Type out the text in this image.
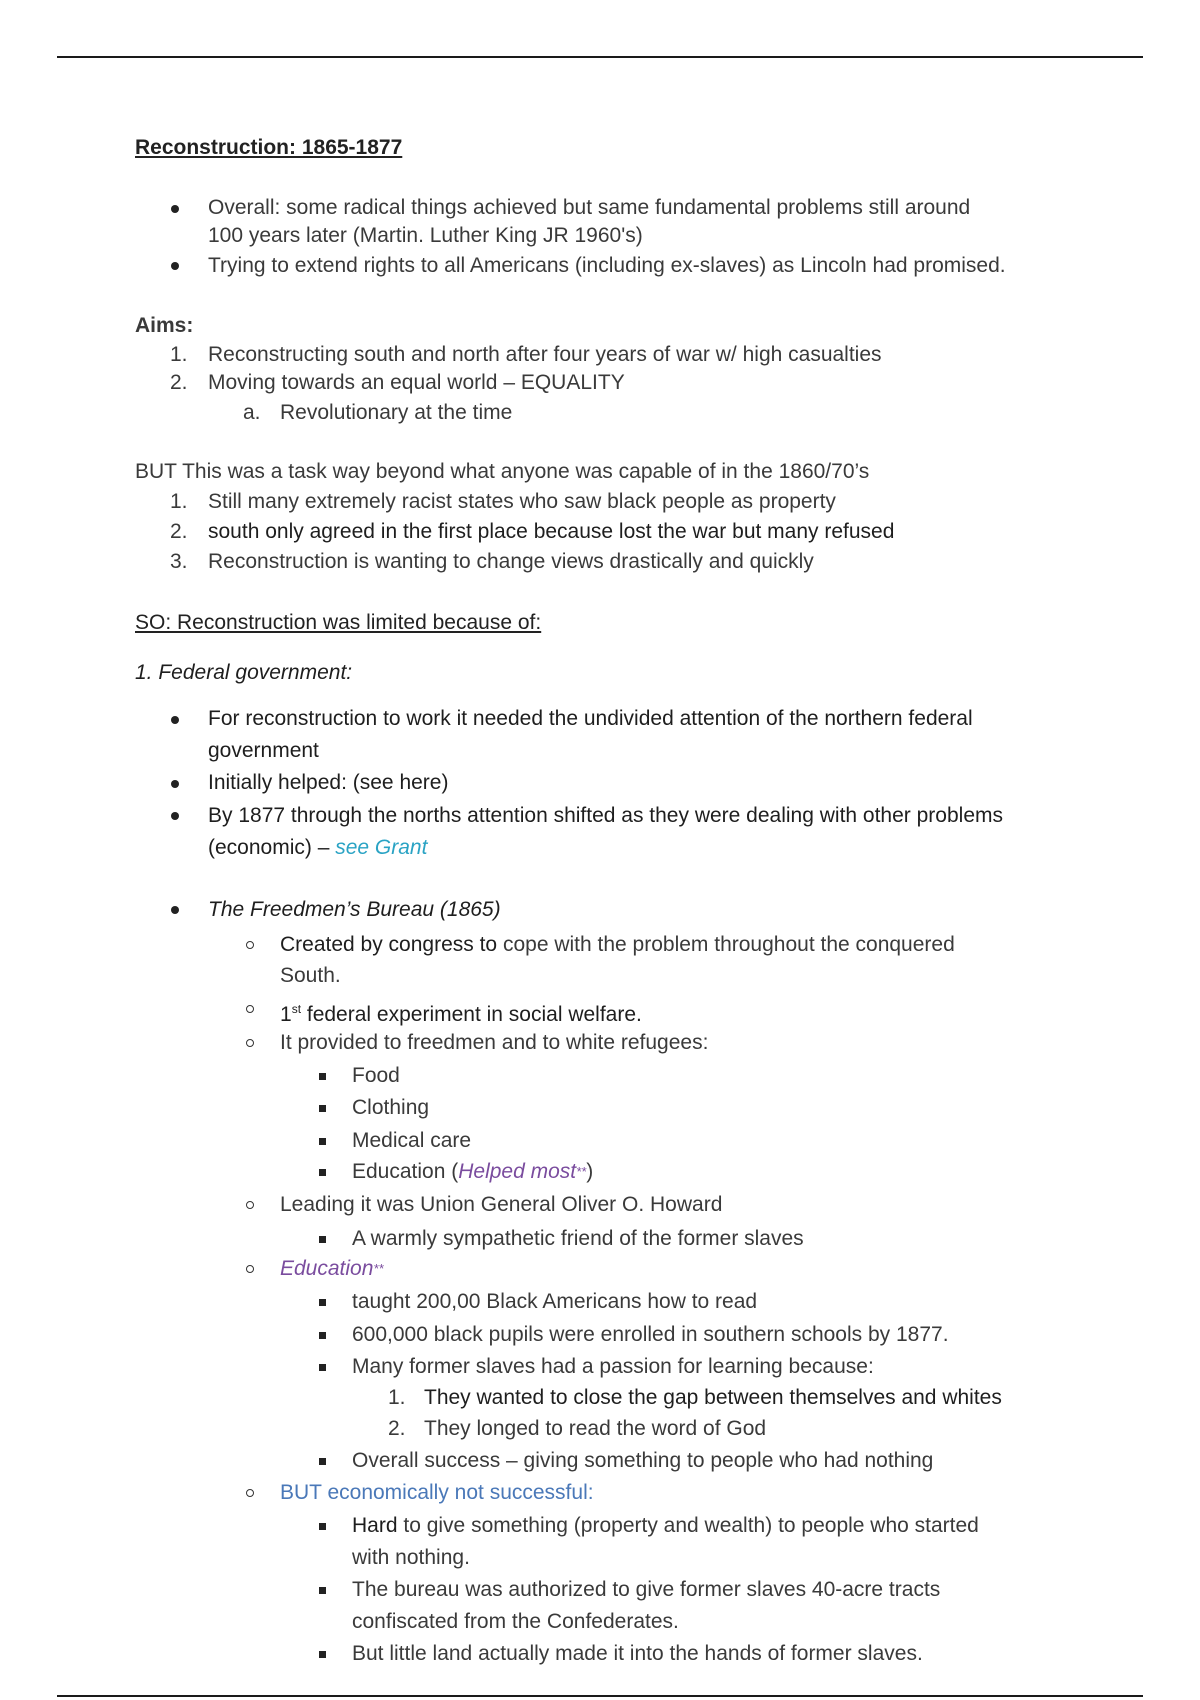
Reconstruction: 1865-1877
Overall: some radical things achieved but same fundamental problems still around
100 years later (Martin. Luther King JR 1960's)
Trying to extend rights to all Americans (including ex-slaves) as Lincoln had promised.
Aims:
1. Reconstructing south and north after four years of war w/ high casualties
2. Moving towards an equal world – EQUALITY
a. Revolutionary at the time
BUT This was a task way beyond what anyone was capable of in the 1860/70’s
1. Still many extremely racist states who saw black people as property
2. south only agreed in the first place because lost the war but many refused
3. Reconstruction is wanting to change views drastically and quickly
SO: Reconstruction was limited because of:
1. Federal government:
For reconstruction to work it needed the undivided attention of the northern federal
government
Initially helped: (see here)
By 1877 through the norths attention shifted as they were dealing with other problems
(economic) – see Grant
The Freedmen’s Bureau (1865)
Created by congress to cope with the problem throughout the conquered
South.
1st federal experiment in social welfare.
It provided to freedmen and to white refugees:
Food
Clothing
Medical care
Education (Helped most**)
Leading it was Union General Oliver O. Howard
A warmly sympathetic friend of the former slaves
Education**
taught 200,00 Black Americans how to read
600,000 black pupils were enrolled in southern schools by 1877.
Many former slaves had a passion for learning because:
1. They wanted to close the gap between themselves and whites
2. They longed to read the word of God
Overall success – giving something to people who had nothing
BUT economically not successful:
Hard to give something (property and wealth) to people who started
with nothing.
The bureau was authorized to give former slaves 40-acre tracts
confiscated from the Confederates.
But little land actually made it into the hands of former slaves.
